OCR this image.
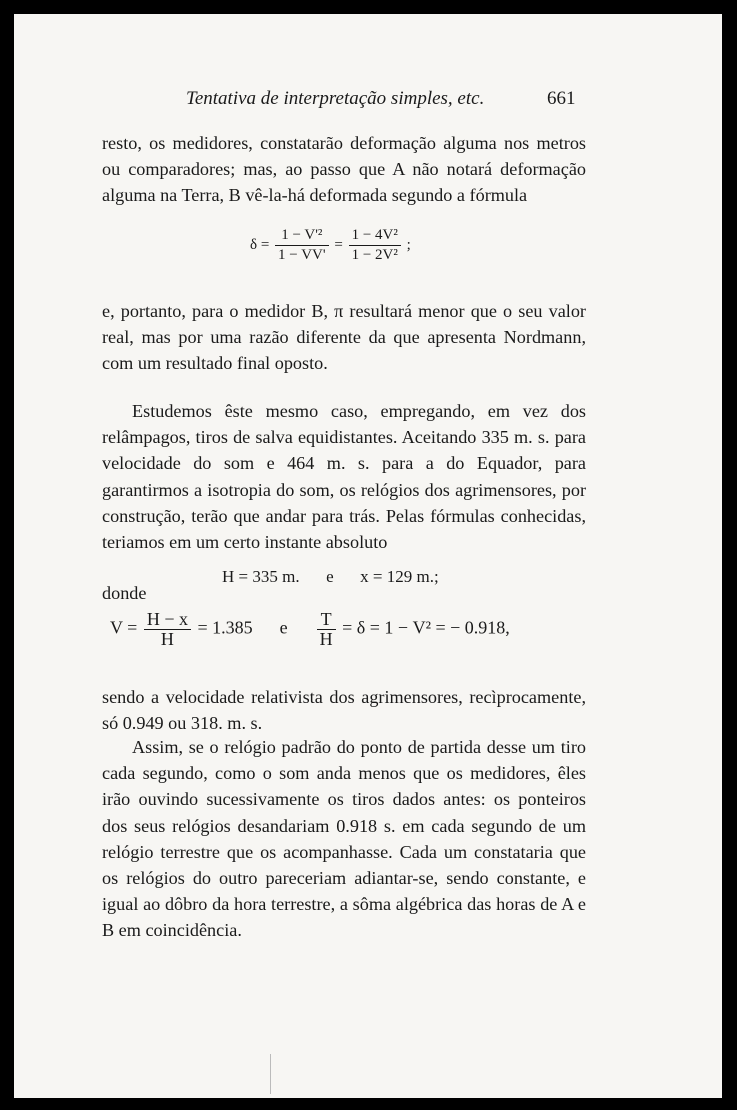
Tentativa de interpretação simples, etc.	661

resto, os medidores, constatarão deformação alguma nos metros ou comparadores; mas, ao passo que A não notará deformação alguma na Terra, B vê-la-há deformada segundo a fórmula

$\delta = \frac{\text{1 − V'²}}{1 - VV'} = \frac{\text{1 − 4V²}}{\text{1 − 2V²}}$ ;

e, portanto, para o medidor B, π resultará menor que o seu valor real, mas por uma razão diferente da que apresenta Nordmann, com um resultado final oposto.

Estudemos êste mesmo caso, empregando, em vez dos relâmpagos, tiros de salva equidistantes. Aceitando 335 m. s. para velocidade do som e 464 m. s. para a do Equador, para garantirmos a isotropia do som, os relógios dos agrimensores, por construção, terão que andar para trás. Pelas fórmulas conhecidas, teriamos em um certo instante absoluto

H = 335 m. e x = 129 m.;
donde
$V = \frac{H - x}{H} = 1.385$ e $\frac{T}{H} = \delta = 1 - V^2$ = − 0.918,

sendo a velocidade relativista dos agrimensores, recìprocamente, só 0.949 ou 318. m. s.

Assim, se o relógio padrão do ponto de partida desse um tiro cada segundo, como o som anda menos que os medidores, êles irão ouvindo sucessivamente os tiros dados antes: os ponteiros dos seus relógios desandariam 0.918 s. em cada segundo de um relógio terrestre que os acompanhasse. Cada um constataria que os relógios do outro pareceriam adiantar-se, sendo constante, e igual ao dôbro da hora terrestre, a sôma algébrica das horas de A e B em coincidência.
